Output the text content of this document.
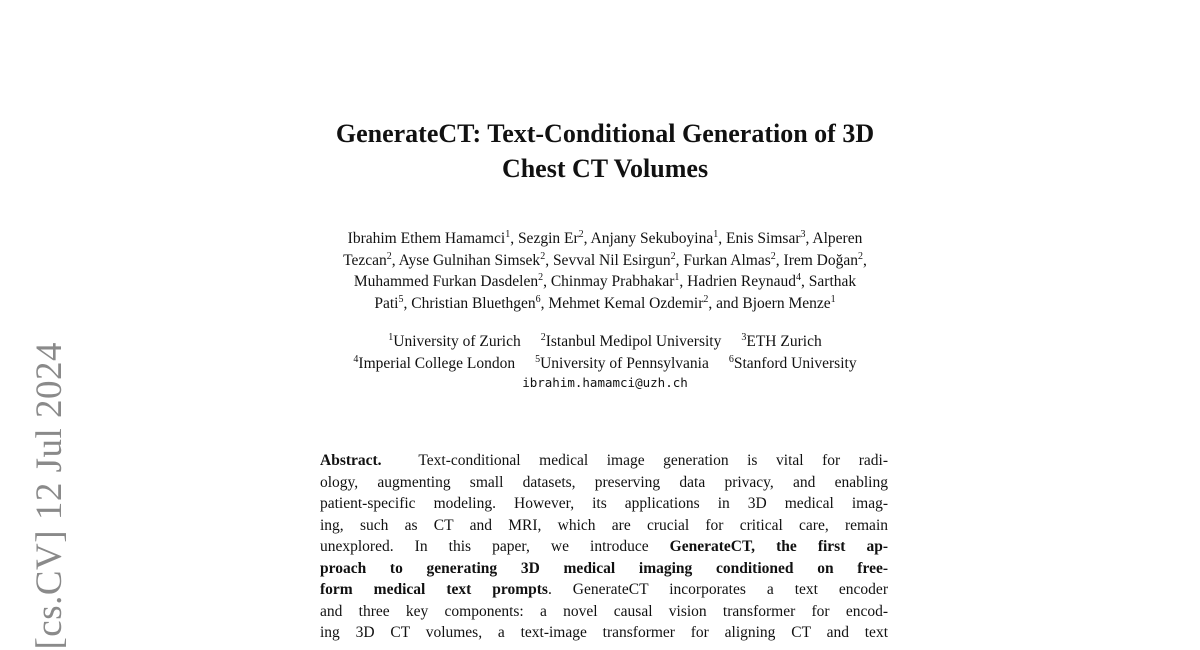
[cs.CV] 12 Jul 2024
GenerateCT: Text-Conditional Generation of 3D
Chest CT Volumes
Ibrahim Ethem Hamamci$^1$, Sezgin Er$^2$, Anjany Sekuboyina$^1$, Enis Simsar$^3$, Alperen
Tezcan$^2$, Ayse Gulnihan Simsek$^2$, Sevval Nil Esirgun$^2$, Furkan Almas$^2$, Irem Doğan$^2$,
Muhammed Furkan Dasdelen$^2$, Chinmay Prabhakar$^1$, Hadrien Reynaud$^4$, Sarthak
Pati$^5$, Christian Bluethgen$^6$, Mehmet Kemal Ozdemir$^2$, and Bjoern Menze$^1$
$^1$University of Zurich $^2$Istanbul Medipol University $^3$ETH Zurich
$^4$Imperial College London $^5$University of Pennsylvania $^6$Stanford University
ibrahim.hamamci@uzh.ch
Abstract.  Text-conditional medical image generation is vital for radi-
ology, augmenting small datasets, preserving data privacy, and enabling
patient-specific modeling. However, its applications in 3D medical imag-
ing, such as CT and MRI, which are crucial for critical care, remain
unexplored. In this paper, we introduce GenerateCT, the first ap-
proach to generating 3D medical imaging conditioned on free-
form medical text prompts. GenerateCT incorporates a text encoder
and three key components: a novel causal vision transformer for encod-
ing 3D CT volumes, a text-image transformer for aligning CT and text
